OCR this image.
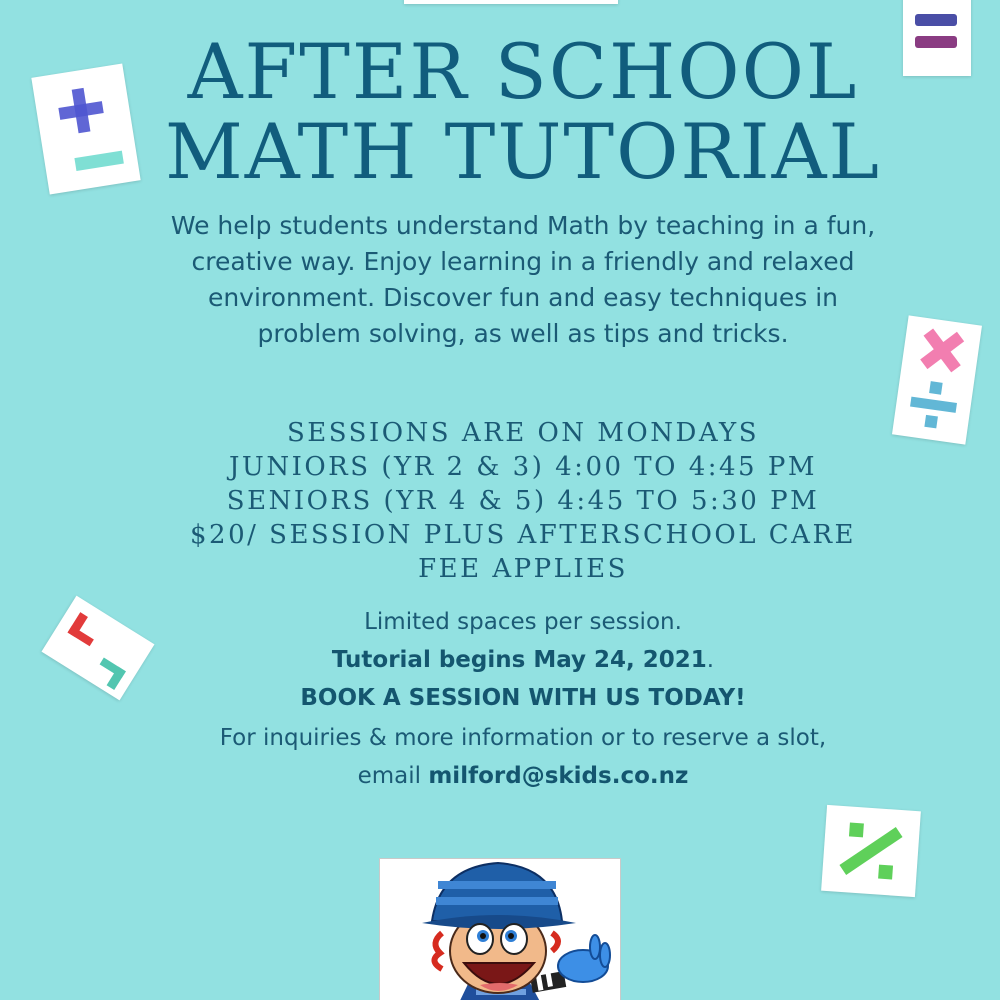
AFTER SCHOOL
MATH TUTORIAL

We help students understand Math by teaching in a fun, creative way. Enjoy learning in a friendly and relaxed environment. Discover fun and easy techniques in problem solving, as well as tips and tricks.

SESSIONS ARE ON MONDAYS
JUNIORS (YR 2 & 3) 4:00 TO 4:45 PM
SENIORS (YR 4 & 5) 4:45 TO 5:30 PM
$20/ SESSION PLUS AFTERSCHOOL CARE
FEE APPLIES
Limited spaces per session.
Tutorial begins May 24, 2021.
BOOK A SESSION WITH US TODAY!
For inquiries & more information or to reserve a slot,
email milford@skids.co.nz
